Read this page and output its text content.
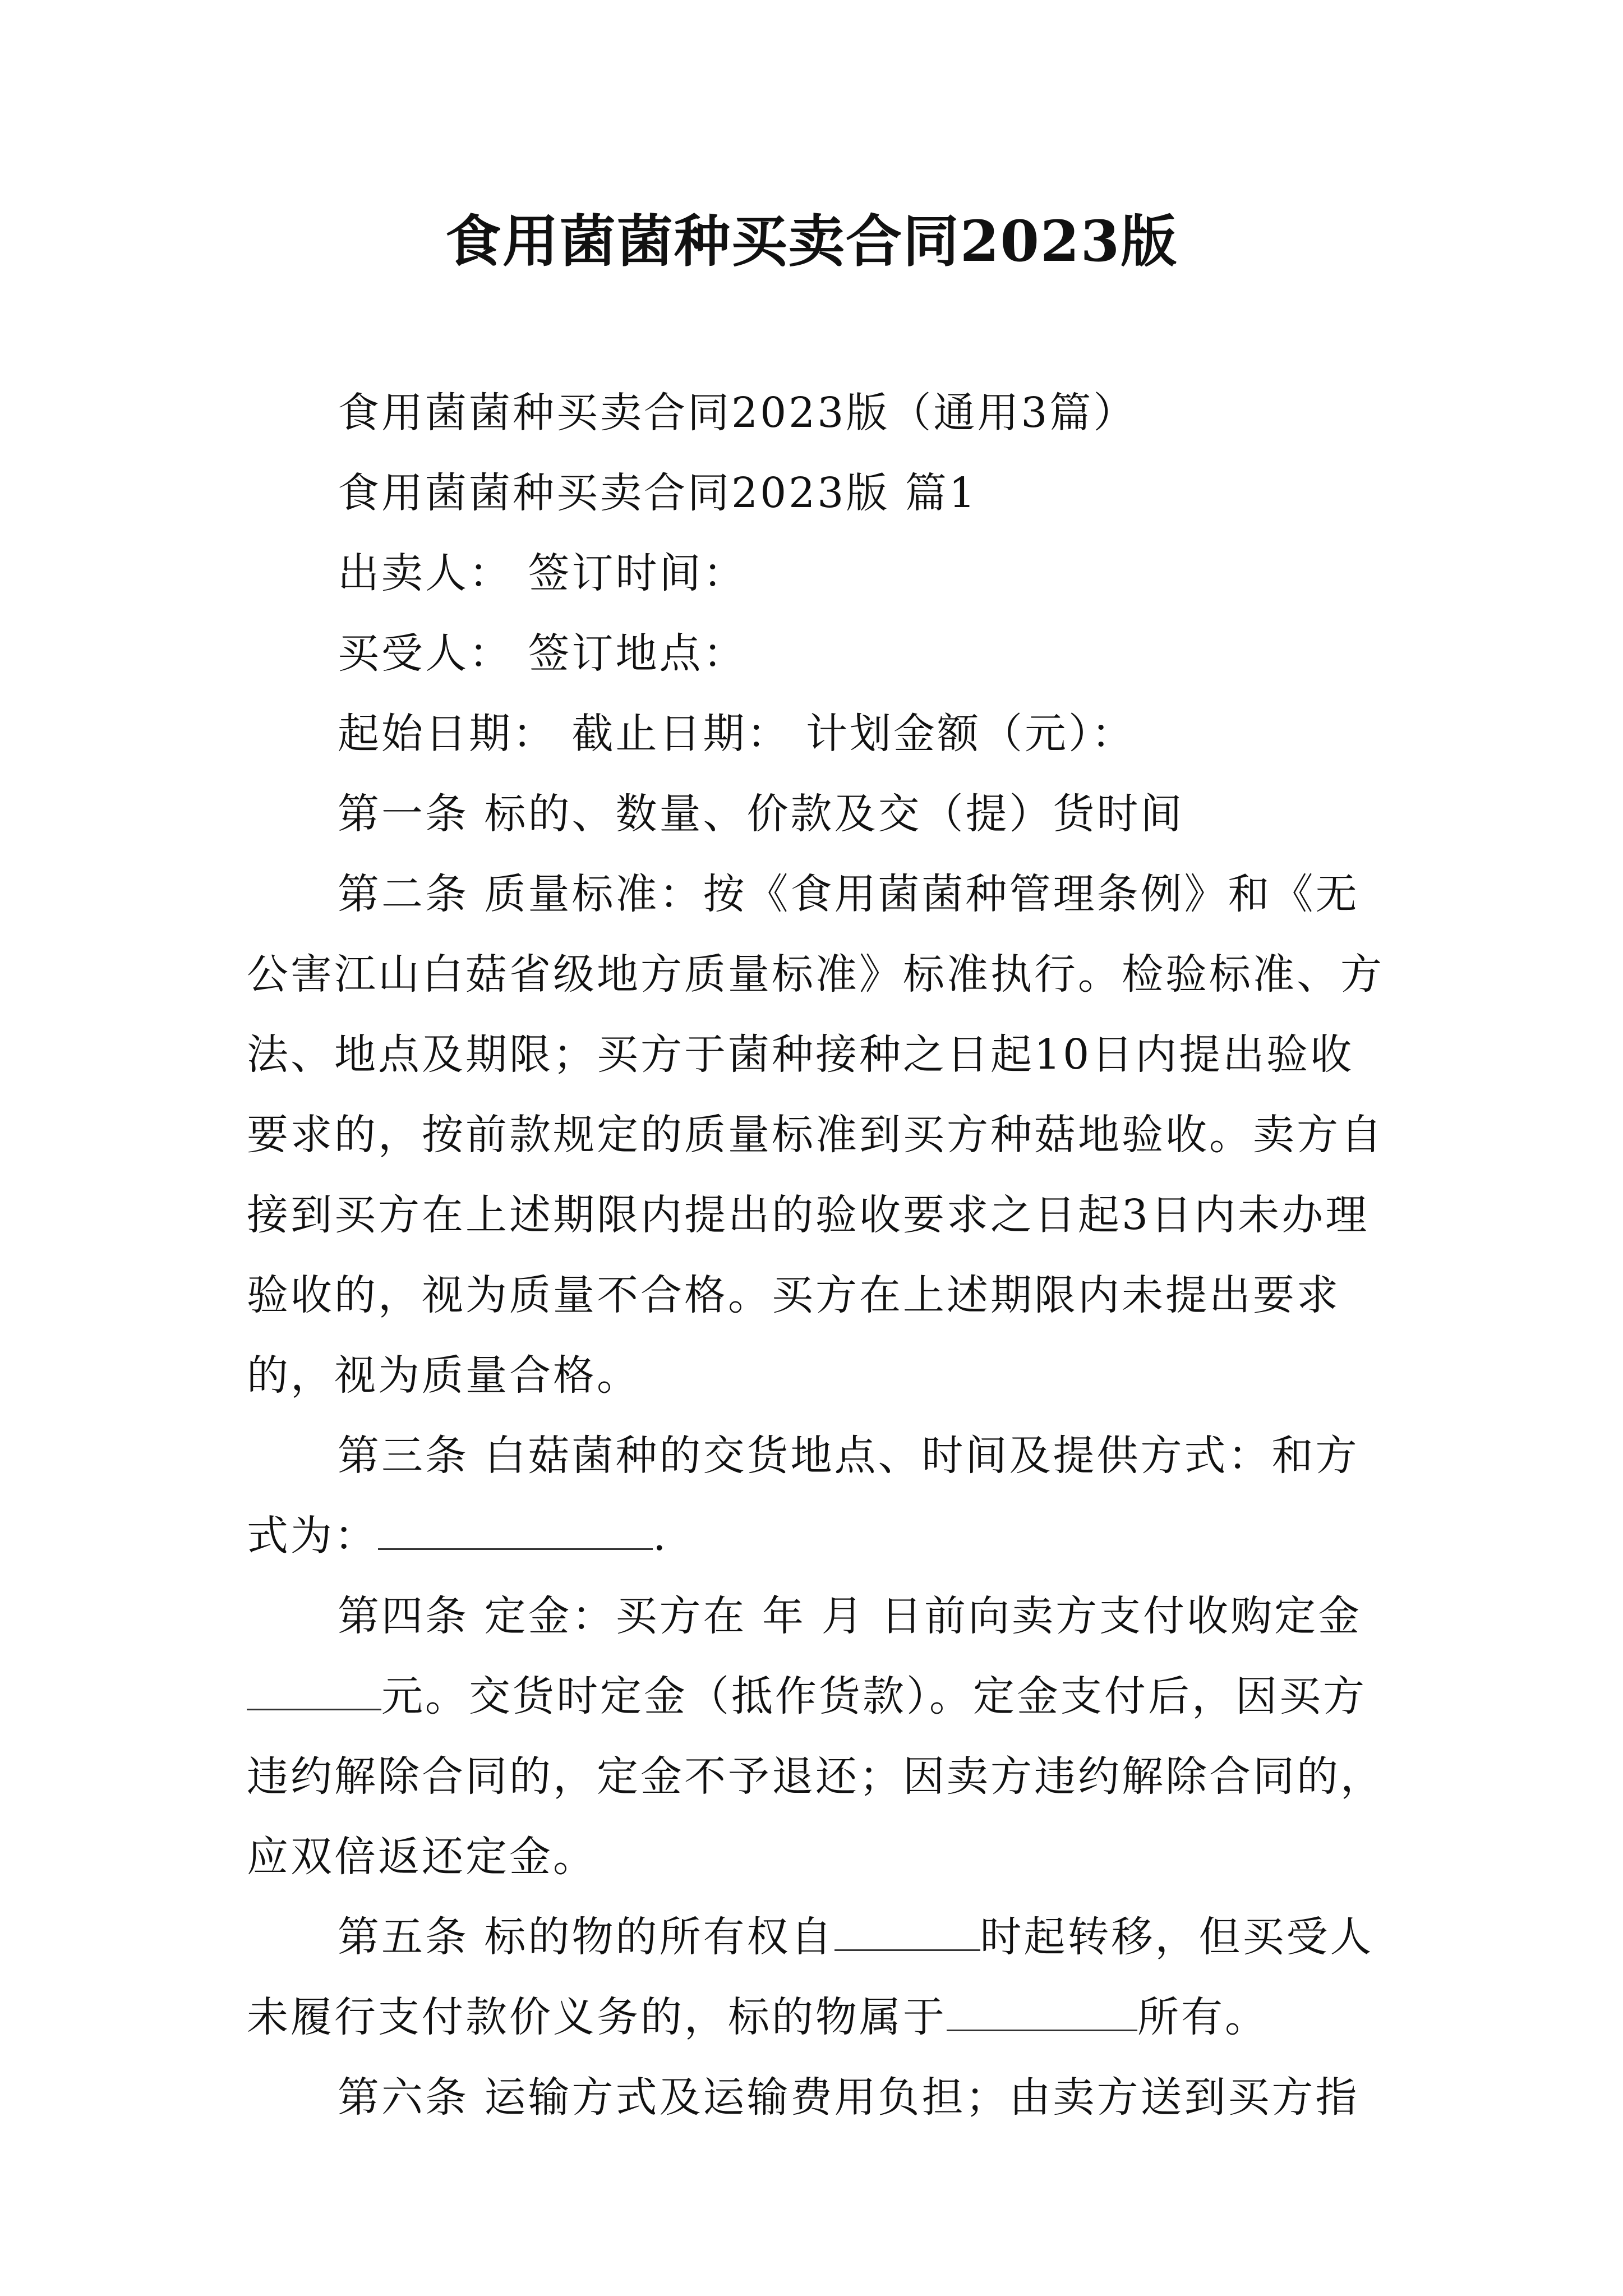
食用菌菌种买卖合同2023版

食用菌菌种买卖合同2023版（通用3篇）

食用菌菌种买卖合同2023版 篇1

出卖人： 签订时间：

买受人： 签订地点：

起始日期： 截止日期： 计划金额（元）：

第一条 标的、数量、价款及交（提）货时间

第二条 质量标准：按《食用菌菌种管理条例》和《无公害江山白菇省级地方质量标准》标准执行。检验标准、方法、地点及期限；买方于菌种接种之日起10日内提出验收要求的，按前款规定的质量标准到买方种菇地验收。卖方自接到买方在上述期限内提出的验收要求之日起3日内未办理验收的，视为质量不合格。买方在上述期限内未提出要求的，视为质量合格。

第三条 白菇菌种的交货地点、时间及提供方式：和方式为：	.

第四条 定金：买方在 年 月 日前向卖方支付收购定金元。交货时定金（抵作货款）。定金支付后，因买方违约解除合同的，定金不予退还；因卖方违约解除合同的，应双倍返还定金。

第五条 标的物的所有权自	时起转移，但买受人未履行支付款价义务的，标的物属于	所有。

第六条 运输方式及运输费用负担；由卖方送到买方指
